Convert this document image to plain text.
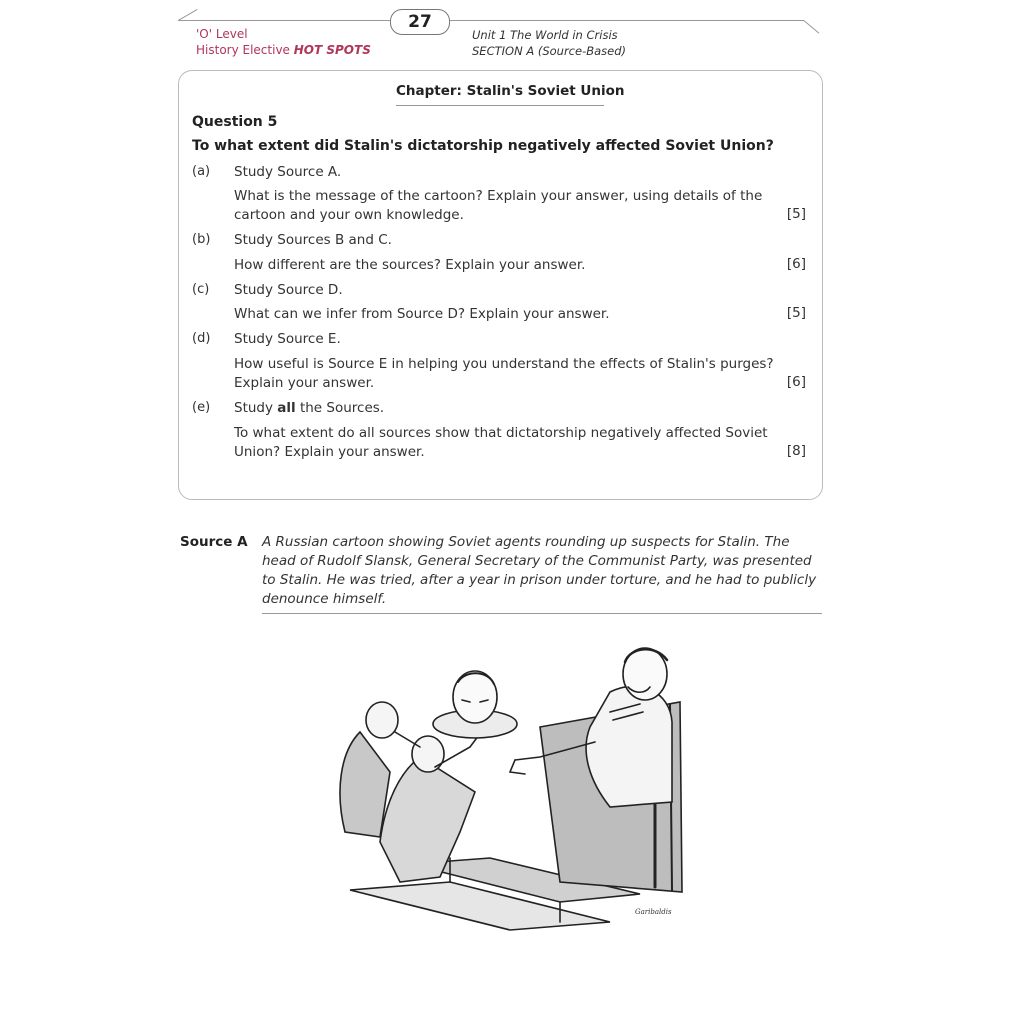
'O' Level
History Elective HOT SPOTS
27
Unit 1 The World in Crisis
SECTION A (Source-Based)
Chapter: Stalin's Soviet Union
Question 5
To what extent did Stalin's dictatorship negatively affected Soviet Union?
(a) Study Source A.
What is the message of the cartoon? Explain your answer, using details of the cartoon and your own knowledge.	[5]
(b) Study Sources B and C.
How different are the sources? Explain your answer.	[6]
(c) Study Source D.
What can we infer from Source D? Explain your answer.	[5]
(d) Study Source E.
How useful is Source E in helping you understand the effects of Stalin's purges? Explain your answer.	[6]
(e) Study all the Sources.
To what extent do all sources show that dictatorship negatively affected Soviet Union? Explain your answer.	[8]
Source A A Russian cartoon showing Soviet agents rounding up suspects for Stalin. The head of Rudolf Slansk, General Secretary of the Communist Party, was presented to Stalin. He was tried, after a year in prison under torture, and he had to publicly denounce himself.
Garibaldis
